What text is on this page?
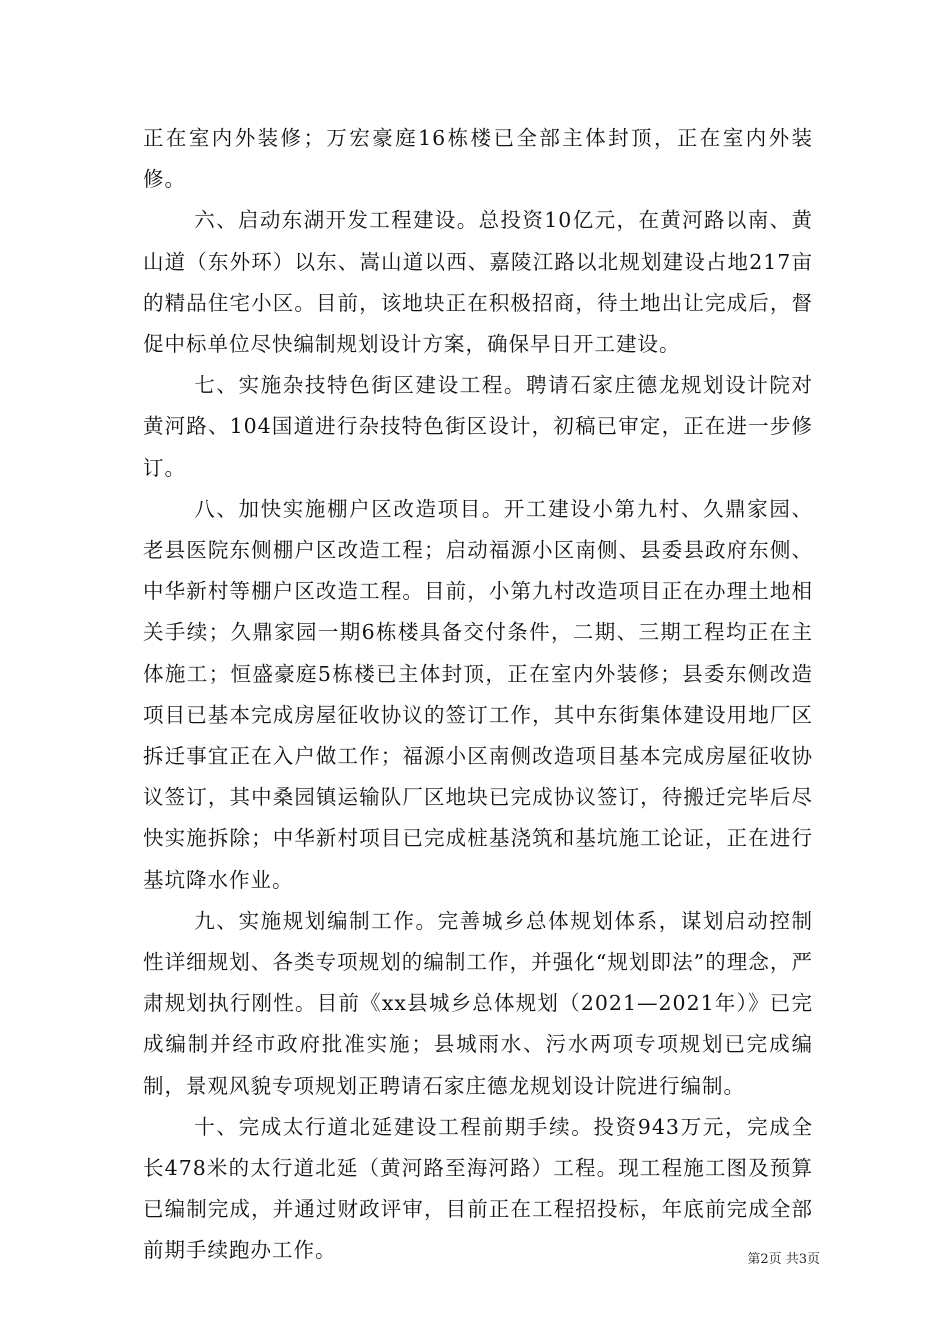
正在室内外装修；万宏豪庭16栋楼已全部主体封顶，正在室内外装修。

六、启动东湖开发工程建设。总投资10亿元，在黄河路以南、黄山道（东外环）以东、嵩山道以西、嘉陵江路以北规划建设占地217亩的精品住宅小区。目前，该地块正在积极招商，待土地出让完成后，督促中标单位尽快编制规划设计方案，确保早日开工建设。

七、实施杂技特色街区建设工程。聘请石家庄德龙规划设计院对黄河路、104国道进行杂技特色街区设计，初稿已审定，正在进一步修订。

八、加快实施棚户区改造项目。开工建设小第九村、久鼎家园、老县医院东侧棚户区改造工程；启动福源小区南侧、县委县政府东侧、中华新村等棚户区改造工程。目前，小第九村改造项目正在办理土地相关手续；久鼎家园一期6栋楼具备交付条件，二期、三期工程均正在主体施工；恒盛豪庭5栋楼已主体封顶，正在室内外装修；县委东侧改造项目已基本完成房屋征收协议的签订工作，其中东街集体建设用地厂区拆迁事宜正在入户做工作；福源小区南侧改造项目基本完成房屋征收协议签订，其中桑园镇运输队厂区地块已完成协议签订，待搬迁完毕后尽快实施拆除；中华新村项目已完成桩基浇筑和基坑施工论证，正在进行基坑降水作业。

九、实施规划编制工作。完善城乡总体规划体系，谋划启动控制性详细规划、各类专项规划的编制工作，并强化“规划即法”的理念，严肃规划执行刚性。目前《xx县城乡总体规划（2021—2021年）》已完成编制并经市政府批准实施；县城雨水、污水两项专项规划已完成编制，景观风貌专项规划正聘请石家庄德龙规划设计院进行编制。

十、完成太行道北延建设工程前期手续。投资943万元，完成全长478米的太行道北延（黄河路至海河路）工程。现工程施工图及预算已编制完成，并通过财政评审，目前正在工程招投标，年底前完成全部前期手续跑办工作。	第2页 共3页
